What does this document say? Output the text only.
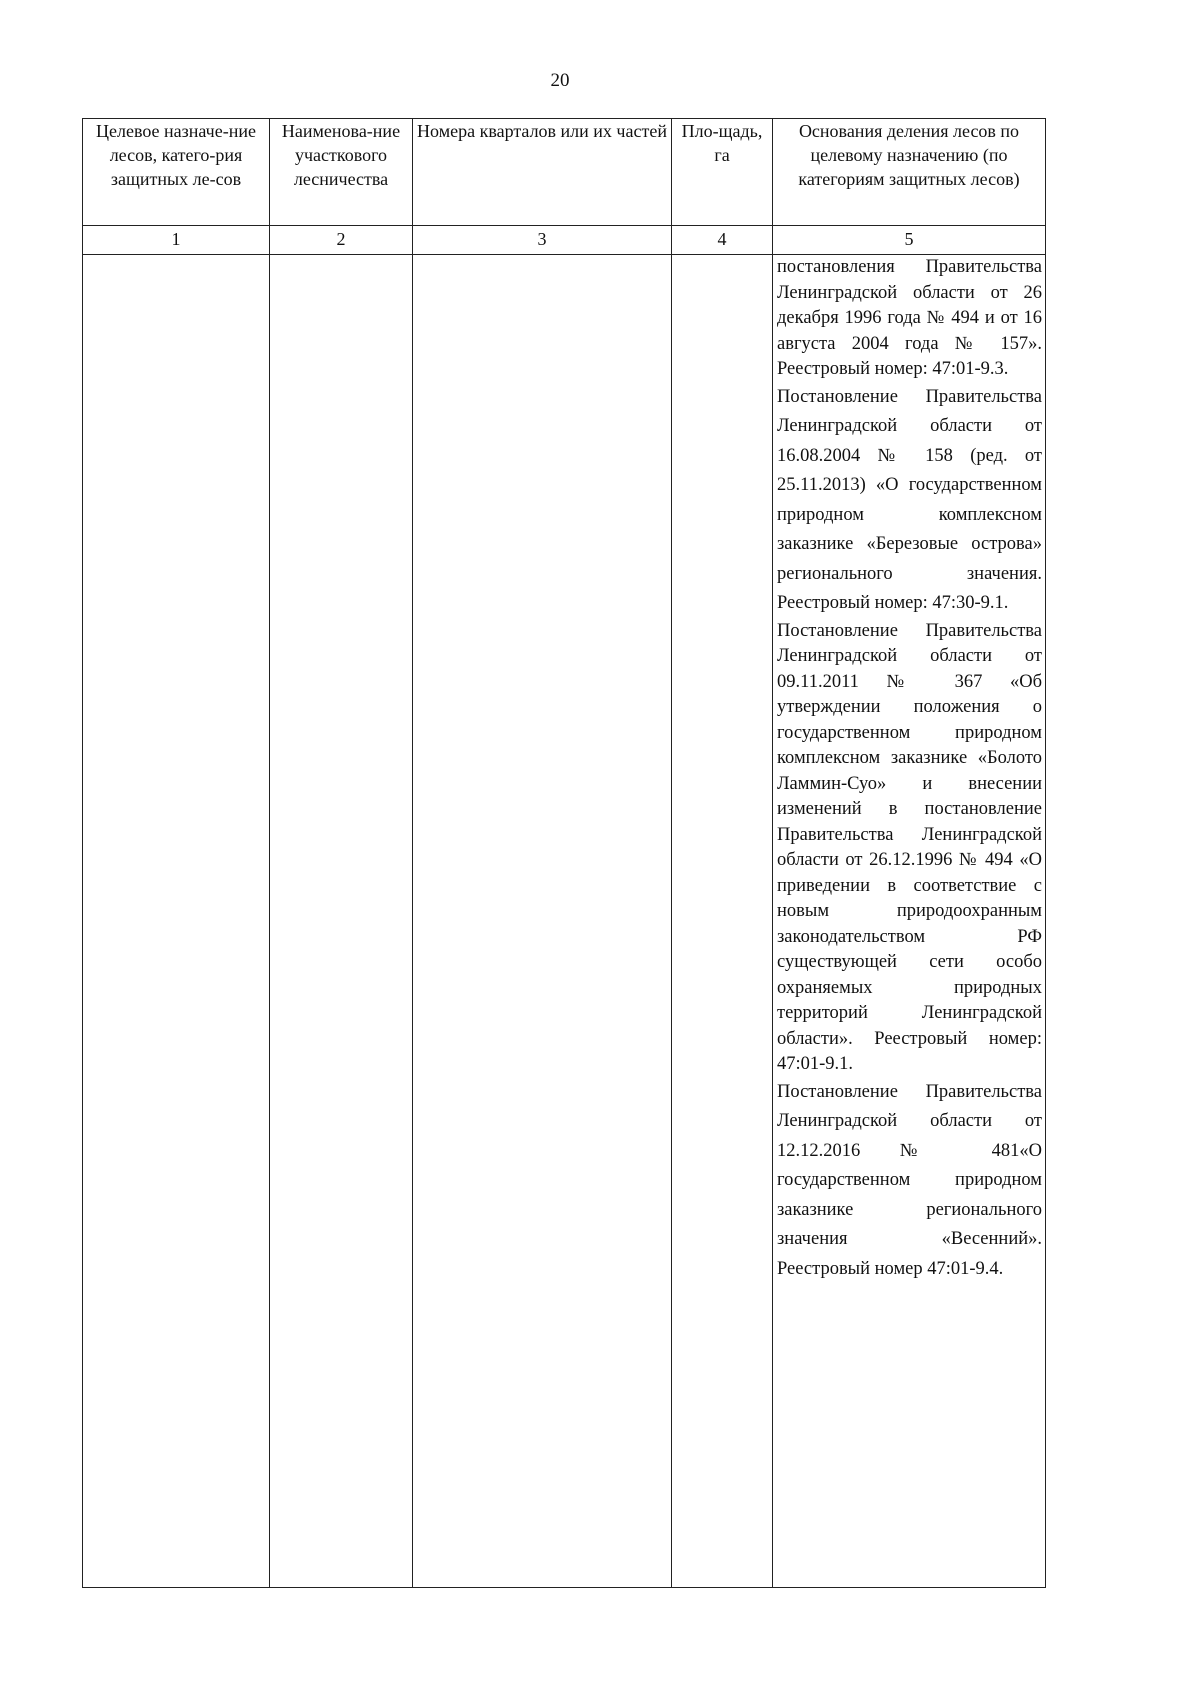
20
Целевое назначе-ние лесов, катего-рия защитных ле-сов	Наименова-ние участкового лесничества	Номера кварталов или их частей	Пло-щадь, га	Основания деления лесов по целевому назначению (по категориям защитных лесов)
1	2	3	4	5

				постановления Правительства Ленинградской области от 26 декабря 1996 года № 494 и от 16 августа 2004 года № 157». Реестровый номер: 47:01-9.3.

Постановление Правительства Ленинградской области от 16.08.2004 № 158 (ред. от 25.11.2013) «О государственном природном комплексном заказнике «Березовые острова» регионального значения. Реестровый номер: 47:30-9.1.

Постановление Правительства Ленинградской области от 09.11.2011 № 367 «Об утверждении положения о государственном природном комплексном заказнике «Болото Ламмин-Суо» и внесении изменений в постановление Правительства Ленинградской области от 26.12.1996 № 494 «О приведении в соответствие с новым природоохранным законодательством РФ существующей сети особо охраняемых природных территорий Ленинградской области». Реестровый номер: 47:01-9.1.

Постановление Правительства Ленинградской области от 12.12.2016 № 481«О государственном природном заказнике регионального значения «Весенний». Реестровый номер 47:01-9.4.
